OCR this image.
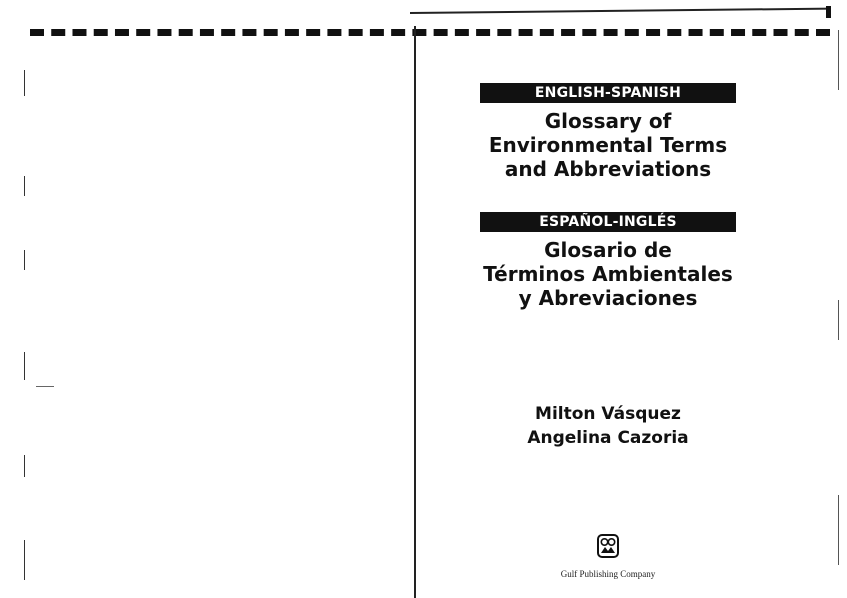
ENGLISH-SPANISH
Glossary of
Environmental Terms
and Abbreviations
ESPAÑOL-INGLÉS
Glosario de
Términos Ambientales
y Abreviaciones
Milton Vásquez
Angelina Cazoria
Gulf Publishing Company
